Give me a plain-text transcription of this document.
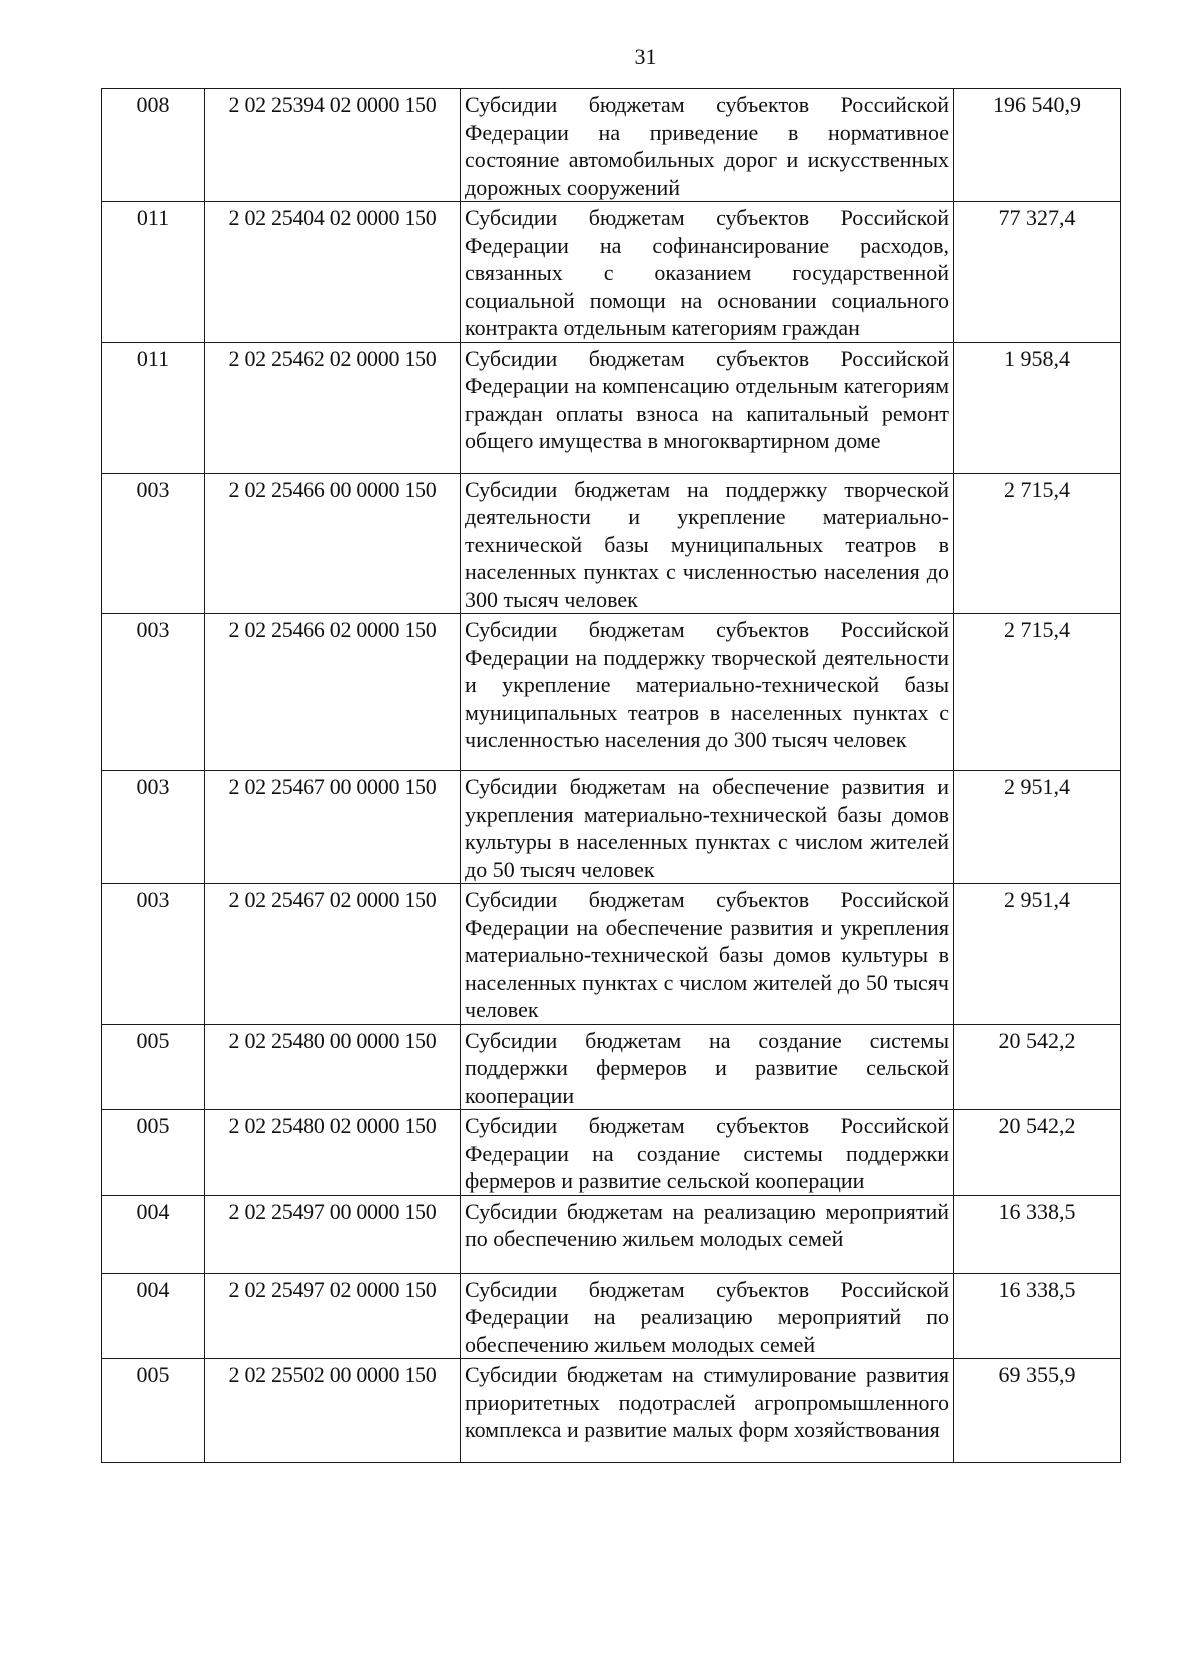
31
008	2 02 25394 02 0000 150	Субсидии бюджетам субъектов Российской Федерации на приведение в нормативное состояние автомобильных дорог и искусственных дорожных сооружений	196 540,9
011	2 02 25404 02 0000 150	Субсидии бюджетам субъектов Российской Федерации на софинансирование расходов, связанных с оказанием государственной социальной помощи на основании социального контракта отдельным категориям граждан	77 327,4
011	2 02 25462 02 0000 150	Субсидии бюджетам субъектов Российской Федерации на компенсацию отдельным категориям граждан оплаты взноса на капитальный ремонт общего имущества в многоквартирном доме	1 958,4
003	2 02 25466 00 0000 150	Субсидии бюджетам на поддержку творческой деятельности и укрепление материально-технической базы муниципальных театров в населенных пунктах с численностью населения до 300 тысяч человек	2 715,4
003	2 02 25466 02 0000 150	Субсидии бюджетам субъектов Российской Федерации на поддержку творческой деятельности и укрепление материально-технической базы муниципальных театров в населенных пунктах с численностью населения до 300 тысяч человек	2 715,4
003	2 02 25467 00 0000 150	Субсидии бюджетам на обеспечение развития и укрепления материально-технической базы домов культуры в населенных пунктах с числом жителей до 50 тысяч человек	2 951,4
003	2 02 25467 02 0000 150	Субсидии бюджетам субъектов Российской Федерации на обеспечение развития и укрепления материально-технической базы домов культуры в населенных пунктах с числом жителей до 50 тысяч человек	2 951,4
005	2 02 25480 00 0000 150	Субсидии бюджетам на создание системы поддержки фермеров и развитие сельской кооперации	20 542,2
005	2 02 25480 02 0000 150	Субсидии бюджетам субъектов Российской Федерации на создание системы поддержки фермеров и развитие сельской кооперации	20 542,2
004	2 02 25497 00 0000 150	Субсидии бюджетам на реализацию мероприятий по обеспечению жильем молодых семей	16 338,5
004	2 02 25497 02 0000 150	Субсидии бюджетам субъектов Российской Федерации на реализацию мероприятий по обеспечению жильем молодых семей	16 338,5
005	2 02 25502 00 0000 150	Субсидии бюджетам на стимулирование развития приоритетных подотраслей агропромышленного комплекса и развитие малых форм хозяйствования	69 355,9
